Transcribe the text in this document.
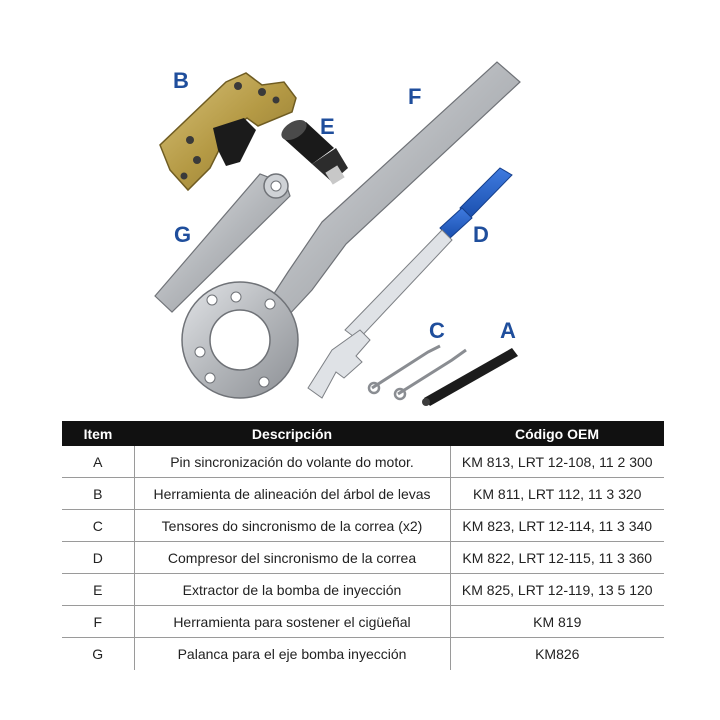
B
F
E
G	D
C	A
Item	Descripción	Código OEM
A	Pin sincronización do volante do motor.	KM 813, LRT 12-108, 11 2 300
B	Herramienta de alineación del árbol de levas	KM 811, LRT 112, 11 3 320
C	Tensores do sincronismo de la correa (x2)	KM 823, LRT 12-114, 11 3 340
D	Compresor del sincronismo de la correa	KM 822, LRT 12-115, 11 3 360
E	Extractor de la bomba de inyección	KM 825, LRT 12-119, 13 5 120
F	Herramienta para sostener el cigüeñal	KM 819
G	Palanca para el eje bomba inyección	KM826
